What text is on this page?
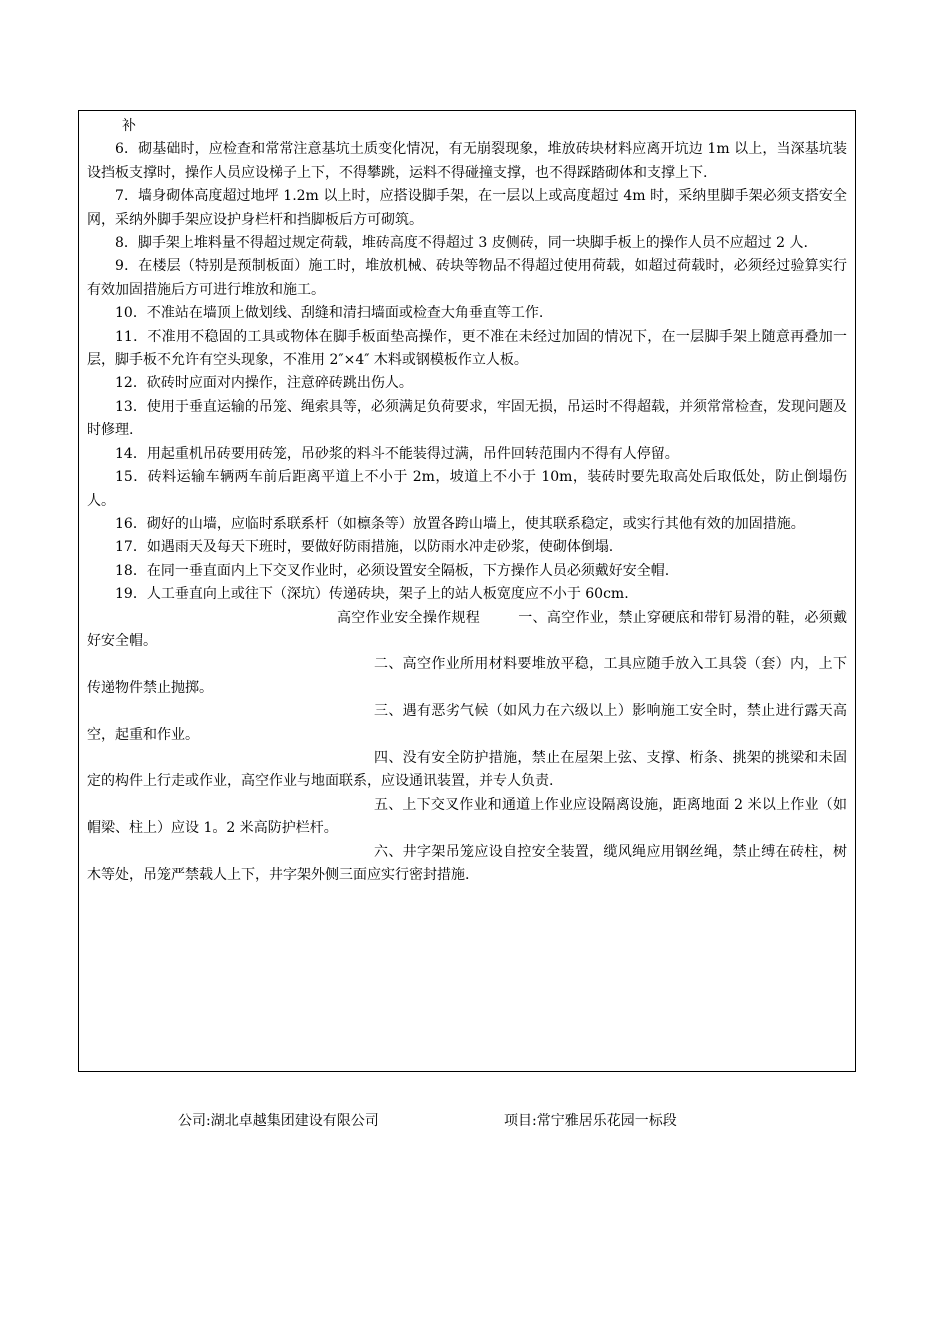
补

6．砌基础时，应检查和常常注意基坑土质变化情况，有无崩裂现象，堆放砖块材料应离开坑边 1m 以上，当深基坑装设挡板支撑时，操作人员应设梯子上下，不得攀跳，运料不得碰撞支撑，也不得踩踏砌体和支撑上下.

7．墙身砌体高度超过地坪 1.2m 以上时，应搭设脚手架，在一层以上或高度超过 4m 时，采纳里脚手架必须支搭安全网，采纳外脚手架应设护身栏杆和挡脚板后方可砌筑。

8．脚手架上堆料量不得超过规定荷载，堆砖高度不得超过 3 皮侧砖，同一块脚手板上的操作人员不应超过 2 人.

9．在楼层（特别是预制板面）施工时，堆放机械、砖块等物品不得超过使用荷载，如超过荷载时，必须经过验算实行有效加固措施后方可进行堆放和施工。

10．不准站在墙顶上做划线、刮缝和清扫墙面或检查大角垂直等工作.

11．不准用不稳固的工具或物体在脚手板面垫高操作，更不准在未经过加固的情况下，在一层脚手架上随意再叠加一层，脚手板不允许有空头现象，不准用 2″×4″ 木料或钢模板作立人板。

12．砍砖时应面对内操作，注意碎砖跳出伤人。

13．使用于垂直运输的吊笼、绳索具等，必须满足负荷要求，牢固无损，吊运时不得超载，并须常常检查，发现问题及时修理.

14．用起重机吊砖要用砖笼，吊砂浆的料斗不能装得过满，吊件回转范围内不得有人停留。

15．砖料运输车辆两车前后距离平道上不小于 2m，坡道上不小于 10m，装砖时要先取高处后取低处，防止倒塌伤人。

16．砌好的山墙，应临时系联系杆（如檩条等）放置各跨山墙上，使其联系稳定，或实行其他有效的加固措施。

17．如遇雨天及每天下班时，要做好防雨措施，以防雨水冲走砂浆，使砌体倒塌.

18．在同一垂直面内上下交叉作业时，必须设置安全隔板，下方操作人员必须戴好安全帽.

19．人工垂直向上或往下（深坑）传递砖块，架子上的站人板宽度应不小于 60cm.

高空作业安全操作规程	一、高空作业，禁止穿硬底和带钉易滑的鞋，必须戴好安全帽。

二、高空作业所用材料要堆放平稳，工具应随手放入工具袋（套）内，上下传递物件禁止抛掷。

三、遇有恶劣气候（如风力在六级以上）影响施工安全时，禁止进行露天高空，起重和作业。

四、没有安全防护措施，禁止在屋架上弦、支撑、桁条、挑架的挑梁和未固定的构件上行走或作业，高空作业与地面联系，应设通讯装置，并专人负责.

五、上下交叉作业和通道上作业应设隔离设施，距离地面 2 米以上作业（如帽梁、柱上）应设 1。2 米高防护栏杆。

六、井字架吊笼应设自控安全装置，缆风绳应用钢丝绳，禁止缚在砖柱，树木等处，吊笼严禁载人上下，井字架外侧三面应实行密封措施.

公司:湖北卓越集团建设有限公司	项目:常宁雅居乐花园一标段
